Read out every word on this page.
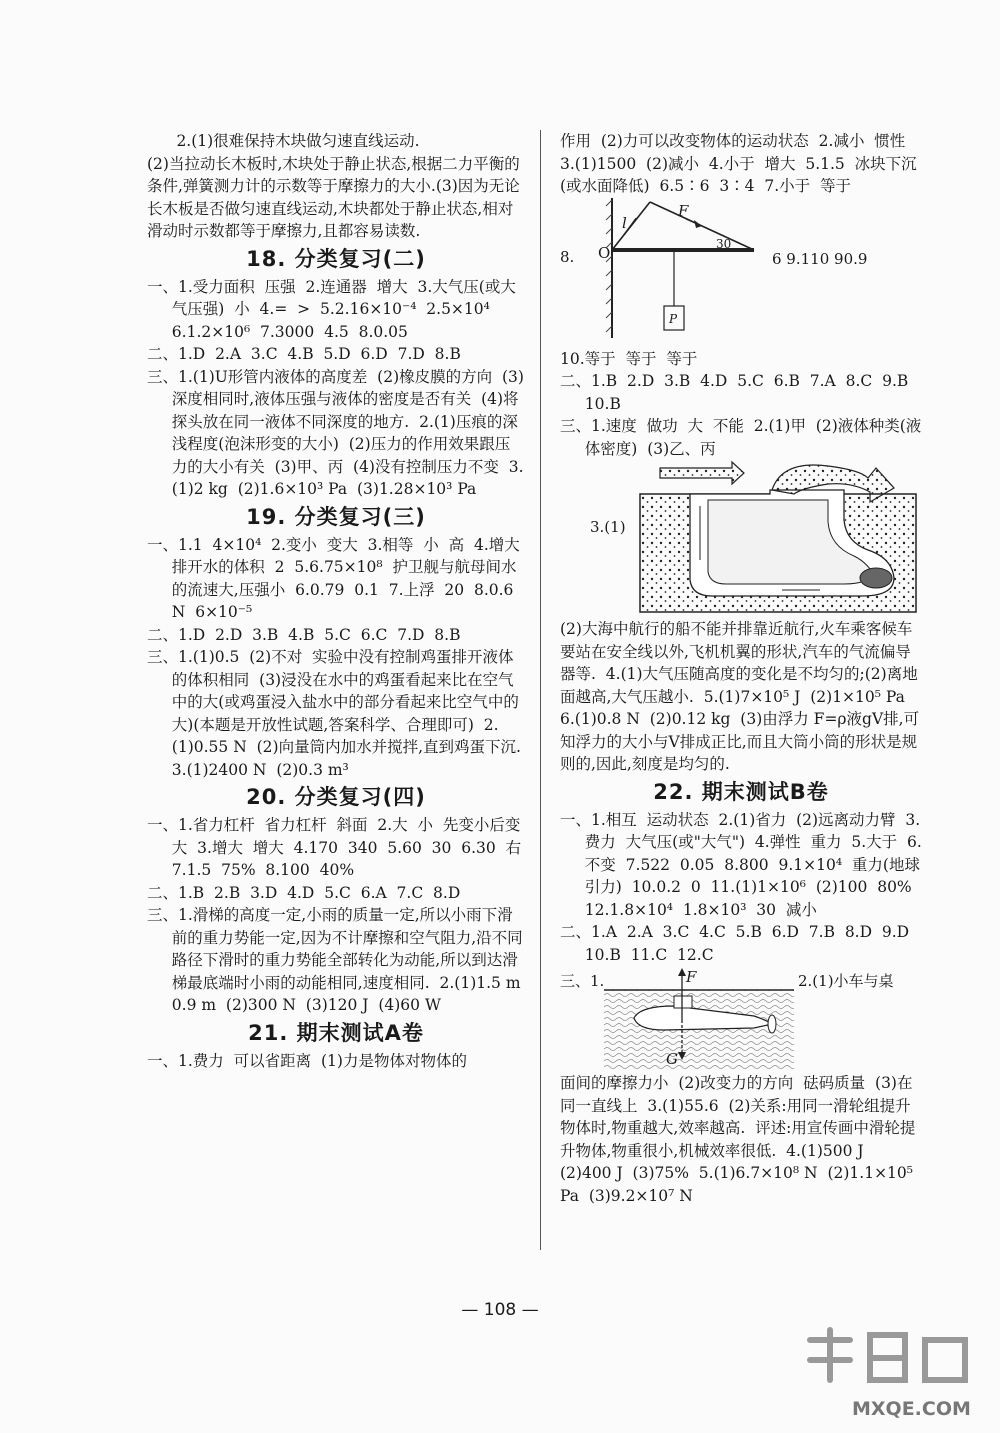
2.(1)很难保持木块做匀速直线运动.

(2)当拉动长木板时,木块处于静止状态,根据二力平衡的条件,弹簧测力计的示数等于摩擦力的大小.(3)因为无论长木板是否做匀速直线运动,木块都处于静止状态,相对滑动时示数都等于摩擦力,且都容易读数.

18. 分类复习(二)

一、1.受力面积  压强  2.连通器  增大  3.大气压(或大气压强)  小  4.=  >  5.2.16×10⁻⁴  2.5×10⁴  6.1.2×10⁶  7.3000  4.5  8.0.05

二、1.D  2.A  3.C  4.B  5.D  6.D  7.D  8.B

三、1.(1)U形管内液体的高度差  (2)橡皮膜的方向  (3)深度相同时,液体压强与液体的密度是否有关  (4)将探头放在同一液体不同深度的地方.  2.(1)压痕的深浅程度(泡沫形变的大小)  (2)压力的作用效果跟压力的大小有关  (3)甲、丙  (4)没有控制压力不变  3.(1)2 kg  (2)1.6×10³ Pa  (3)1.28×10³ Pa

19. 分类复习(三)

一、1.1  4×10⁴  2.变小  变大  3.相等  小  高  4.增大排开水的体积  2  5.6.75×10⁸  护卫舰与航母间水的流速大,压强小  6.0.79  0.1  7.上浮  20  8.0.6 N  6×10⁻⁵

二、1.D  2.D  3.B  4.B  5.C  6.C  7.D  8.B

三、1.(1)0.5  (2)不对  实验中没有控制鸡蛋排开液体的体积相同  (3)浸没在水中的鸡蛋看起来比在空气中的大(或鸡蛋浸入盐水中的部分看起来比空气中的大)(本题是开放性试题,答案科学、合理即可)  2.(1)0.55 N  (2)向量筒内加水并搅拌,直到鸡蛋下沉.  3.(1)2400 N  (2)0.3 m³

20. 分类复习(四)

一、1.省力杠杆  省力杠杆  斜面  2.大  小  先变小后变大  3.增大  增大  4.170  340  5.60  30  6.30  右  7.1.5  75%  8.100  40%

二、1.B  2.B  3.D  4.D  5.C  6.A  7.C  8.D

三、1.滑梯的高度一定,小雨的质量一定,所以小雨下滑前的重力势能一定,因为不计摩擦和空气阻力,沿不同路径下滑时的重力势能全部转化为动能,所以到达滑梯最底端时小雨的动能相同,速度相同.  2.(1)1.5 m  0.9 m  (2)300 N  (3)120 J  (4)60 W

21. 期末测试A卷

一、1.费力  可以省距离  (1)力是物体对物体的

作用  (2)力可以改变物体的运动状态  2.减小  惯性  3.(1)1500  (2)减小  4.小于  增大  5.1.5  冰块下沉(或水面降低)  6.5∶6  3∶4  7.小于  等于

8. O
l
F
30
P
6 9.110 90.9

10.等于  等于  等于

二、1.B  2.D  3.B  4.D  5.C  6.B  7.A  8.C  9.B  10.B

三、1.速度  做功  大  不能  2.(1)甲  (2)液体种类(液体密度)  (3)乙、丙

3.(1)

(2)大海中航行的船不能并排靠近航行,火车乘客候车要站在安全线以外,飞机机翼的形状,汽车的气流偏导器等.  4.(1)大气压随高度的变化是不均匀的;(2)离地面越高,大气压越小.  5.(1)7×10⁵ J  (2)1×10⁵ Pa  6.(1)0.8 N  (2)0.12 kg  (3)由浮力 F=ρ液gV排,可知浮力的大小与V排成正比,而且大筒小筒的形状是规则的,因此,刻度是均匀的.

22. 期末测试B卷

一、1.相互  运动状态  2.(1)省力  (2)远离动力臂  3.费力  大气压(或"大气")  4.弹性  重力  5.大于  6.不变  7.522  0.05  8.800  9.1×10⁴  重力(地球引力)  10.0.2  0  11.(1)1×10⁶  (2)100  80%  12.1.8×10⁴  1.8×10³  30  减小

二、1.A  2.A  3.C  4.C  5.B  6.D  7.B  8.D  9.D  10.B  11.C  12.C

三、1.	F
G
2.(1)小车与桌

面间的摩擦力小  (2)改变力的方向  砝码质量  (3)在同一直线上  3.(1)55.6  (2)关系:用同一滑轮组提升物体时,物重越大,效率越高.  评述:用宣传画中滑轮提升物体,物重很小,机械效率很低.  4.(1)500 J  (2)400 J  (3)75%  5.(1)6.7×10⁸ N  (2)1.1×10⁵ Pa  (3)9.2×10⁷ N

— 108 —
MXQE.COM
